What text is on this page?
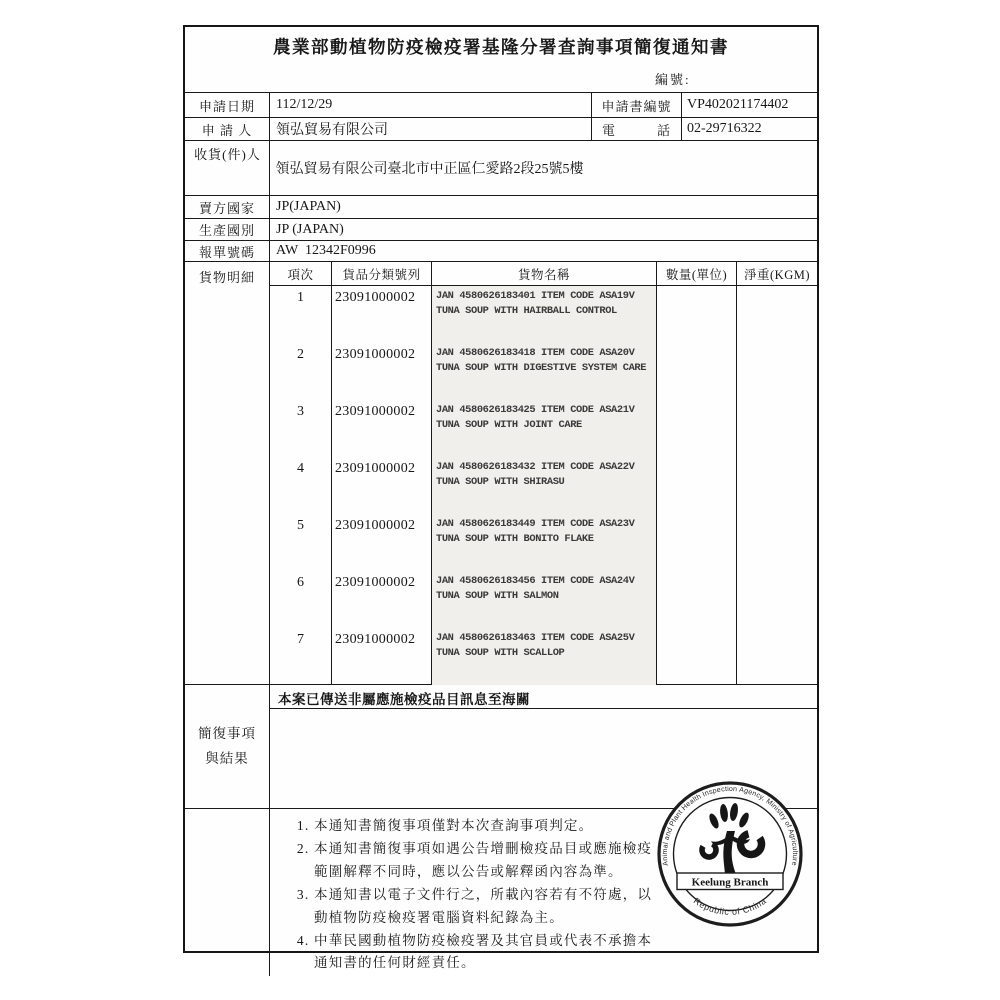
農業部動植物防疫檢疫署基隆分署查詢事項簡復通知書
編號:
申請日期	112/12/29	申請書編號	VP402021174402
申 請 人	領弘貿易有限公司	電	話	02-29716322
收貨(件)人
領弘貿易有限公司臺北市中正區仁愛路2段25號5樓
賣方國家	JP(JAPAN)
生產國別	JP (JAPAN)
報單號碼	AW  12342F0996
貨物明細	項次	貨品分類號列	貨物名稱	數量(單位)	淨重(KGM)
1	23091000002	JAN 4580626183401 ITEM CODE ASA19V
TUNA SOUP WITH HAIRBALL CONTROL
2	23091000002	JAN 4580626183418 ITEM CODE ASA20V
TUNA SOUP WITH DIGESTIVE SYSTEM CARE
3	23091000002	JAN 4580626183425 ITEM CODE ASA21V
TUNA SOUP WITH JOINT CARE
4	23091000002	JAN 4580626183432 ITEM CODE ASA22V
TUNA SOUP WITH SHIRASU
5	23091000002	JAN 4580626183449 ITEM CODE ASA23V
TUNA SOUP WITH BONITO FLAKE
6	23091000002	JAN 4580626183456 ITEM CODE ASA24V
TUNA SOUP WITH SALMON
7	23091000002	JAN 4580626183463 ITEM CODE ASA25V
TUNA SOUP WITH SCALLOP
簡復事項
與結果
本案已傳送非屬應施檢疫品目訊息至海關
1. 本通知書簡復事項僅對本次查詢事項判定。
2. 本通知書簡復事項如遇公告增刪檢疫品目或應施檢疫
範圍解釋不同時，應以公告或解釋函內容為準。
3. 本通知書以電子文件行之，所載內容若有不符處，以
動植物防疫檢疫署電腦資料紀錄為主。
4. 中華民國動植物防疫檢疫署及其官員或代表不承擔本
通知書的任何財經責任。
Animal and Plant Health Inspection Agency, Ministry of Agriculture
Republic of China
Keelung Branch
